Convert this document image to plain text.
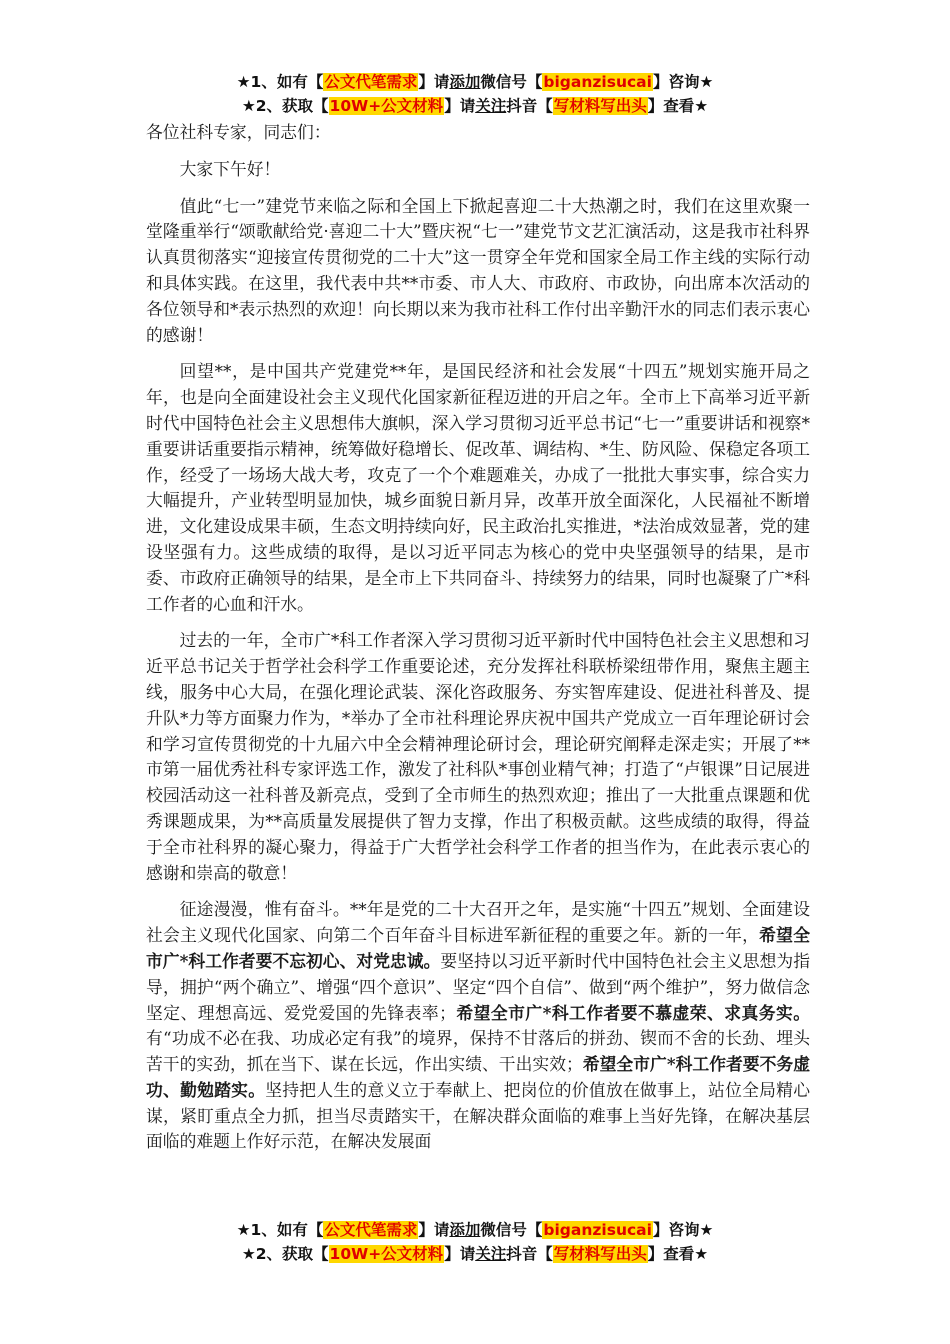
★1、如有【公文代笔需求】请添加微信号【biganzisucai】咨询★
★2、获取【10W+公文材料】请关注抖音【写材料写出头】查看★

各位社科专家，同志们：

大家下午好！

值此“七一”建党节来临之际和全国上下掀起喜迎二十大热潮之时，我们在这里欢聚一堂隆重举行“颂歌献给党·喜迎二十大”暨庆祝“七一”建党节文艺汇演活动，这是我市社科界认真贯彻落实“迎接宣传贯彻党的二十大”这一贯穿全年党和国家全局工作主线的实际行动和具体实践。在这里，我代表中共**市委、市人大、市政府、市政协，向出席本次活动的各位领导和*表示热烈的欢迎！向长期以来为我市社科工作付出辛勤汗水的同志们表示衷心的感谢！

回望**，是中国共产党建党**年，是国民经济和社会发展“十四五”规划实施开局之年，也是向全面建设社会主义现代化国家新征程迈进的开启之年。全市上下高举习近平新时代中国特色社会主义思想伟大旗帜，深入学习贯彻习近平总书记“七一”重要讲话和视察*重要讲话重要指示精神，统筹做好稳增长、促改革、调结构、*生、防风险、保稳定各项工作，经受了一场场大战大考，攻克了一个个难题难关，办成了一批批大事实事，综合实力大幅提升，产业转型明显加快，城乡面貌日新月异，改革开放全面深化，人民福祉不断增进，文化建设成果丰硕，生态文明持续向好，民主政治扎实推进，*法治成效显著，党的建设坚强有力。这些成绩的取得，是以习近平同志为核心的党中央坚强领导的结果，是市委、市政府正确领导的结果，是全市上下共同奋斗、持续努力的结果，同时也凝聚了广*科工作者的心血和汗水。

过去的一年，全市广*科工作者深入学习贯彻习近平新时代中国特色社会主义思想和习近平总书记关于哲学社会科学工作重要论述，充分发挥社科联桥梁纽带作用，聚焦主题主线，服务中心大局，在强化理论武装、深化咨政服务、夯实智库建设、促进社科普及、提升队*力等方面聚力作为，*举办了全市社科理论界庆祝中国共产党成立一百年理论研讨会和学习宣传贯彻党的十九届六中全会精神理论研讨会，理论研究阐释走深走实；开展了**市第一届优秀社科专家评选工作，激发了社科队*事创业精气神；打造了“卢银课”日记展进校园活动这一社科普及新亮点，受到了全市师生的热烈欢迎；推出了一大批重点课题和优秀课题成果，为**高质量发展提供了智力支撑，作出了积极贡献。这些成绩的取得，得益于全市社科界的凝心聚力，得益于广大哲学社会科学工作者的担当作为，在此表示衷心的感谢和崇高的敬意！

征途漫漫，惟有奋斗。**年是党的二十大召开之年，是实施“十四五”规划、全面建设社会主义现代化国家、向第二个百年奋斗目标进军新征程的重要之年。新的一年，希望全市广*科工作者要不忘初心、对党忠诚。要坚持以习近平新时代中国特色社会主义思想为指导，拥护“两个确立”、增强“四个意识”、坚定“四个自信”、做到“两个维护”，努力做信念坚定、理想高远、爱党爱国的先锋表率；希望全市广*科工作者要不慕虚荣、求真务实。有“功成不必在我、功成必定有我”的境界，保持不甘落后的拼劲、锲而不舍的长劲、埋头苦干的实劲，抓在当下、谋在长远，作出实绩、干出实效；希望全市广*科工作者要不务虚功、勤勉踏实。坚持把人生的意义立于奉献上、把岗位的价值放在做事上，站位全局精心谋，紧盯重点全力抓，担当尽责踏实干，在解决群众面临的难事上当好先锋，在解决基层面临的难题上作好示范，在解决发展面

★1、如有【公文代笔需求】请添加微信号【biganzisucai】咨询★
★2、获取【10W+公文材料】请关注抖音【写材料写出头】查看★
